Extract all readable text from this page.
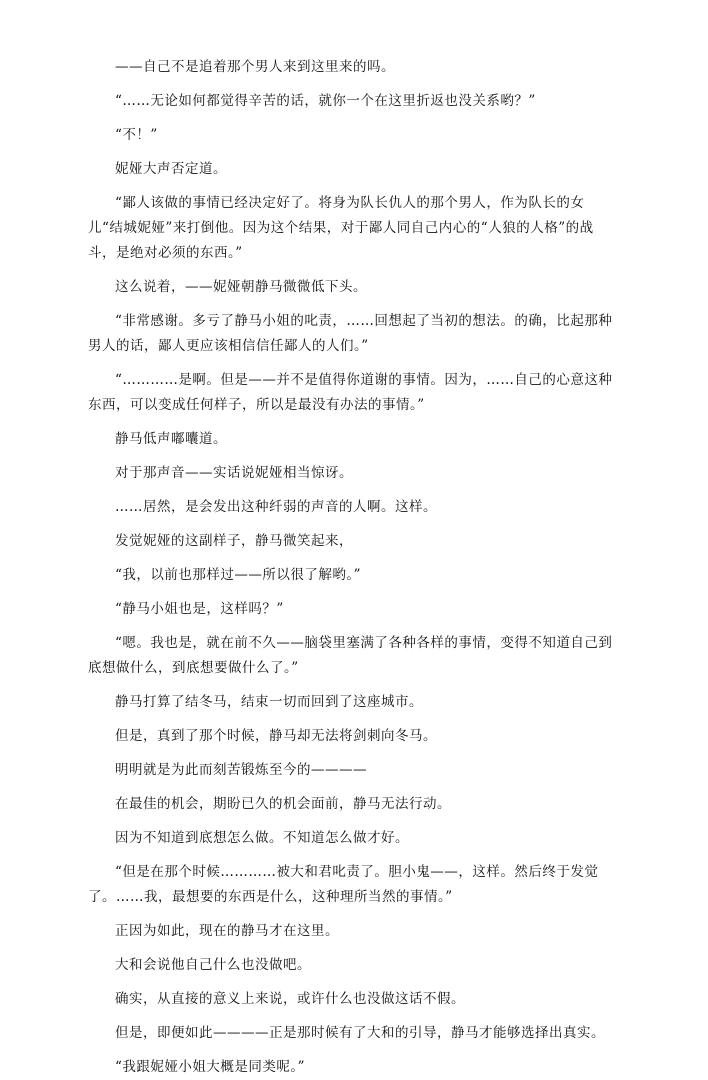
——自己不是追着那个男人来到这里来的吗。

“……无论如何都觉得辛苦的话，就你一个在这里折返也没关系哟？”

“不！”

妮娅大声否定道。

“鄙人该做的事情已经决定好了。将身为队长仇人的那个男人，作为队长的女儿“结城妮娅”来打倒他。因为这个结果，对于鄙人同自己内心的“人狼的人格”的战斗，是绝对必须的东西。”

这么说着，——妮娅朝静马微微低下头。

“非常感谢。多亏了静马小姐的叱责，……回想起了当初的想法。的确，比起那种男人的话，鄙人更应该相信信任鄙人的人们。”

“…………是啊。但是——并不是值得你道谢的事情。因为，……自己的心意这种东西，可以变成任何样子，所以是最没有办法的事情。”

静马低声嘟囔道。

对于那声音——实话说妮娅相当惊讶。

……居然，是会发出这种纤弱的声音的人啊。这样。

发觉妮娅的这副样子，静马微笑起来，

“我，以前也那样过——所以很了解哟。”

“静马小姐也是，这样吗？”

“嗯。我也是，就在前不久——脑袋里塞满了各种各样的事情，变得不知道自己到底想做什么，到底想要做什么了。”

静马打算了结冬马，结束一切而回到了这座城市。

但是，真到了那个时候，静马却无法将剑刺向冬马。

明明就是为此而刻苦锻炼至今的————

在最佳的机会，期盼已久的机会面前，静马无法行动。

因为不知道到底想怎么做。不知道怎么做才好。

“但是在那个时候…………被大和君叱责了。胆小鬼——，这样。然后终于发觉了。……我，最想要的东西是什么，这种理所当然的事情。”

正因为如此，现在的静马才在这里。

大和会说他自己什么也没做吧。

确实，从直接的意义上来说，或许什么也没做这话不假。

但是，即便如此————正是那时候有了大和的引导，静马才能够选择出真实。

“我跟妮娅小姐大概是同类呢。”
